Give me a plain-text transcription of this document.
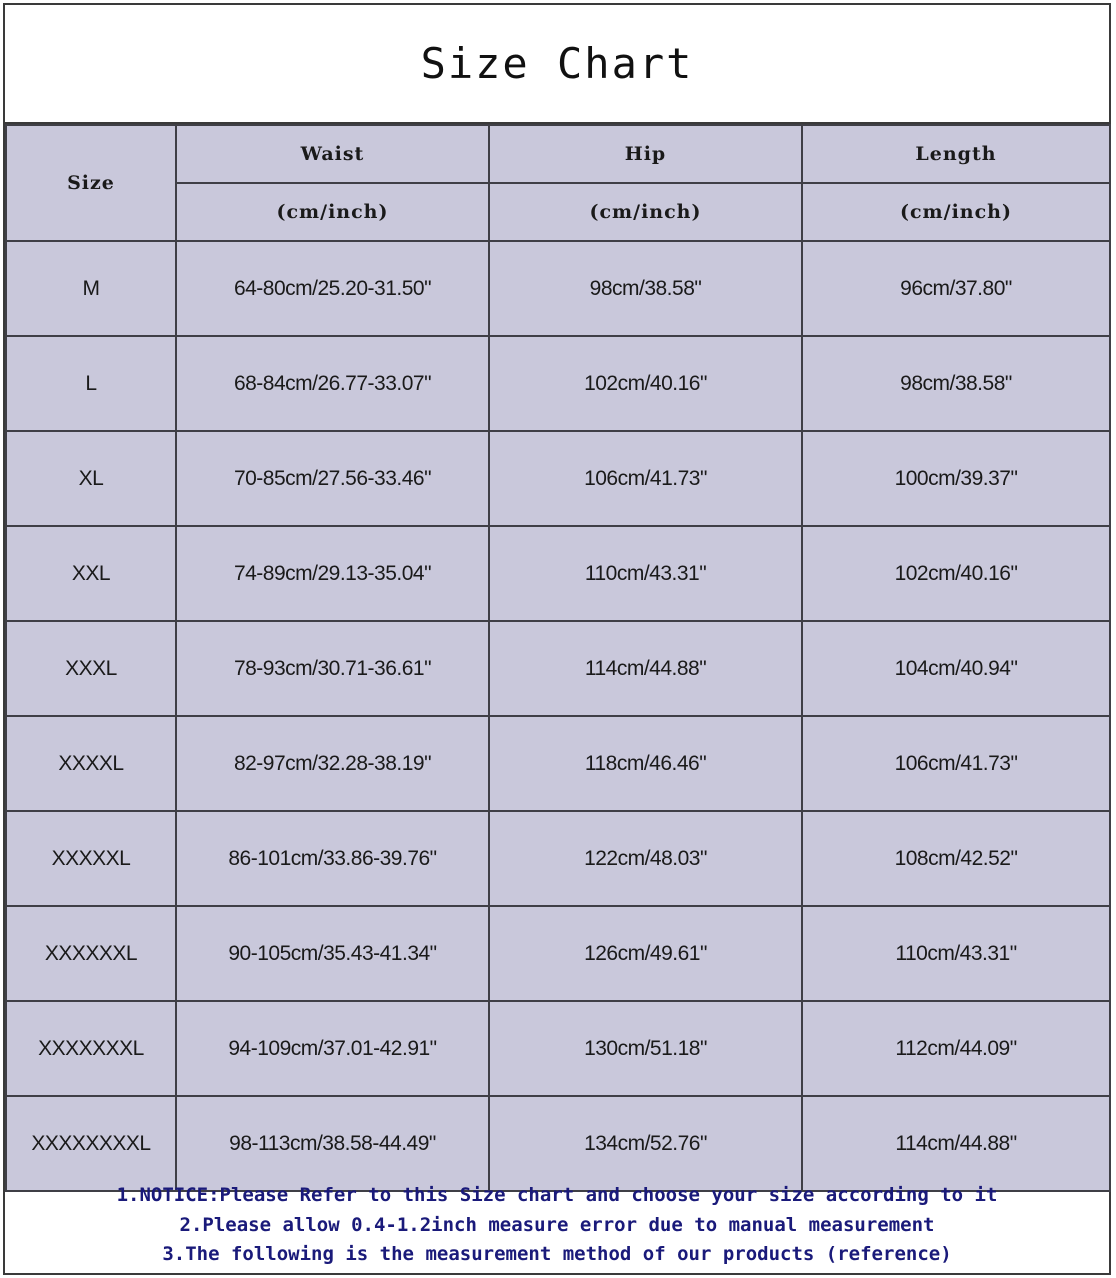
Size Chart
Size	Waist	Hip	Length
	(cm/inch)	(cm/inch)	(cm/inch)
M	64-80cm/25.20-31.50"	98cm/38.58"	96cm/37.80"
L	68-84cm/26.77-33.07"	102cm/40.16"	98cm/38.58"
XL	70-85cm/27.56-33.46"	106cm/41.73"	100cm/39.37"
XXL	74-89cm/29.13-35.04"	110cm/43.31"	102cm/40.16"
XXXL	78-93cm/30.71-36.61"	114cm/44.88"	104cm/40.94"
XXXXL	82-97cm/32.28-38.19"	118cm/46.46"	106cm/41.73"
XXXXXL	86-101cm/33.86-39.76"	122cm/48.03"	108cm/42.52"
XXXXXXL	90-105cm/35.43-41.34"	126cm/49.61"	110cm/43.31"
XXXXXXXL	94-109cm/37.01-42.91"	130cm/51.18"	112cm/44.09"
XXXXXXXXL	98-113cm/38.58-44.49"	134cm/52.76"	114cm/44.88"
1.NOTICE:Please Refer to this Size chart and choose your size according to it
2.Please allow 0.4-1.2inch measure error due to manual measurement
3.The following is the measurement method of our products (reference)
